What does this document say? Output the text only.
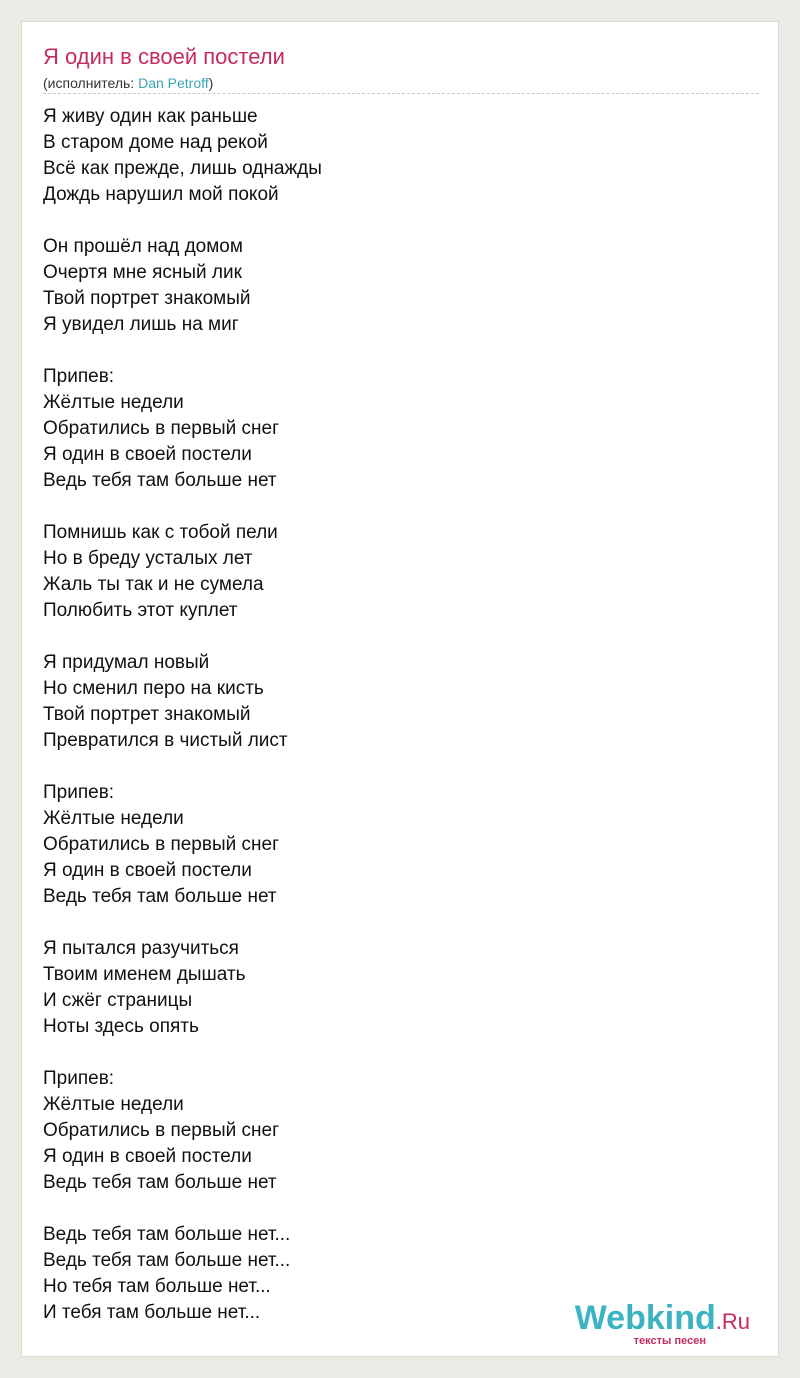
Я один в своей постели
(исполнитель: Dan Petroff)
Я живу один как раньше
В старом доме над рекой
Всё как прежде, лишь однажды
Дождь нарушил мой покой
Он прошёл над домом
Очертя мне ясный лик
Твой портрет знакомый
Я увидел лишь на миг
Припев:
Жёлтые недели
Обратились в первый снег
Я один в своей постели
Ведь тебя там больше нет
Помнишь как с тобой пели
Но в бреду усталых лет
Жаль ты так и не сумела
Полюбить этот куплет
Я придумал новый
Но сменил перо на кисть
Твой портрет знакомый
Превратился в чистый лист
Припев:
Жёлтые недели
Обратились в первый снег
Я один в своей постели
Ведь тебя там больше нет
Я пытался разучиться
Твоим именем дышать
И сжёг страницы
Ноты здесь опять
Припев:
Жёлтые недели
Обратились в первый снег
Я один в своей постели
Ведь тебя там больше нет
Ведь тебя там больше нет...
Ведь тебя там больше нет...
Но тебя там больше нет...
И тебя там больше нет...	Webkind.Ru
тексты песен
